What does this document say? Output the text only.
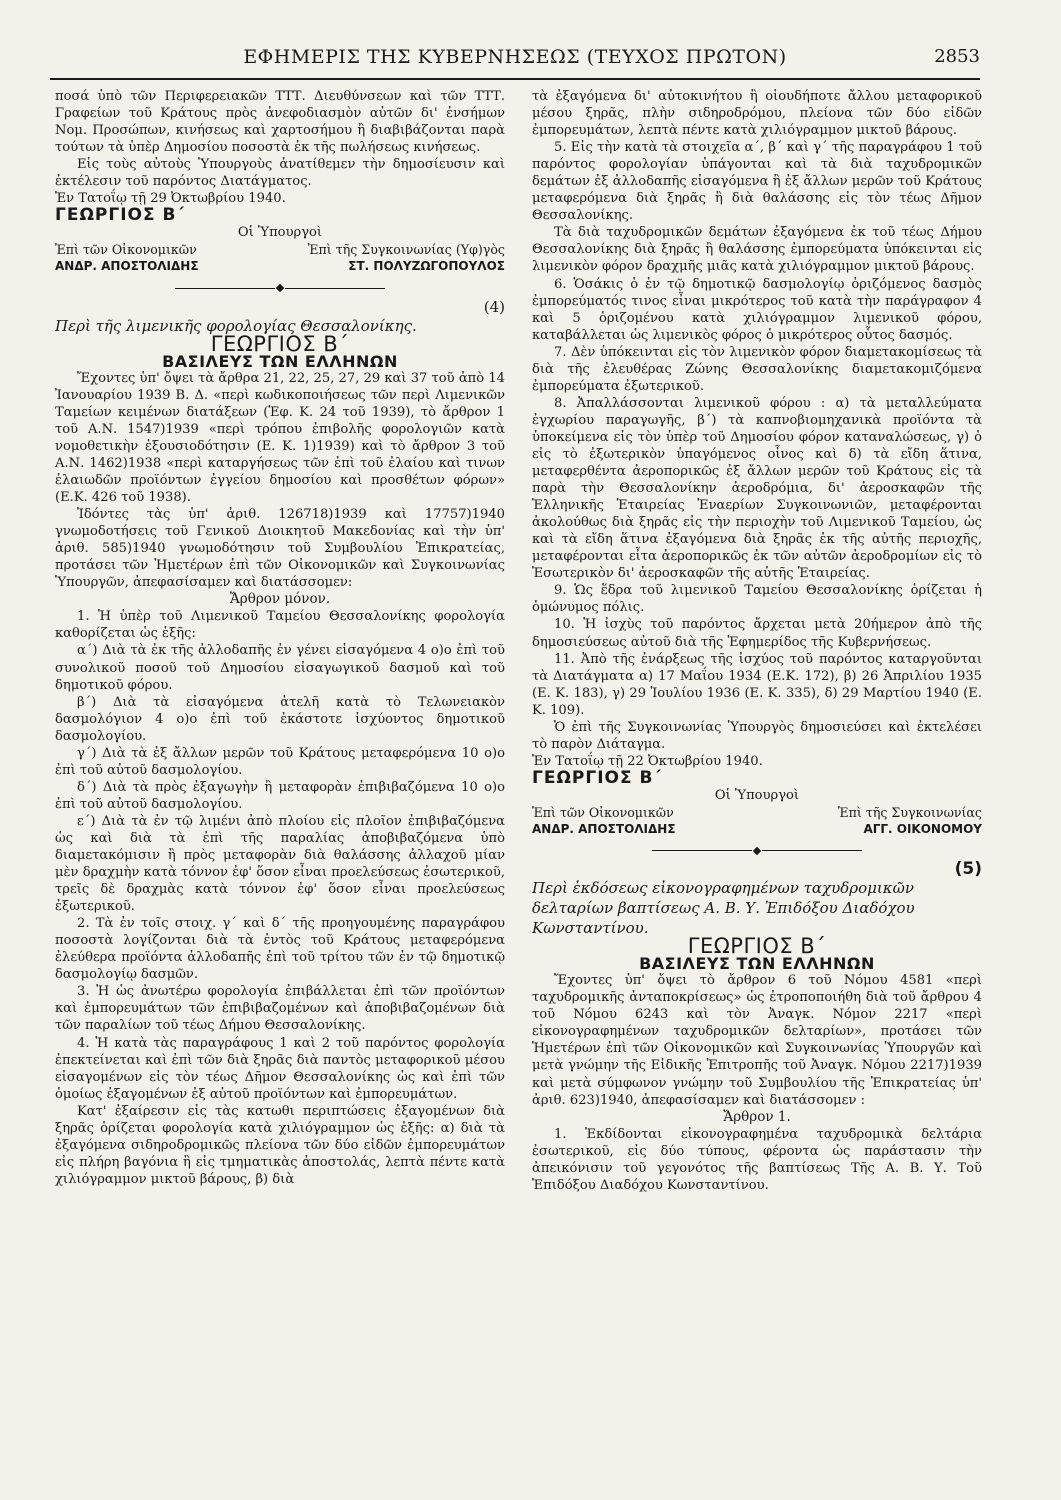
ΕΦΗΜΕΡΙΣ ΤΗΣ ΚΥΒΕΡΝΗΣΕΩΣ (ΤΕΥΧΟΣ ΠΡΩΤΟΝ)	2853

ποσά ὑπὸ τῶν Περιφερειακῶν ΤΤΤ. Διευθύνσεων καὶ τῶν ΤΤΤ. Γραφείων τοῦ Κράτους πρὸς ἀνεφοδιασμὸν αὐτῶν δι' ἐνσήμων Νομ. Προσώπων, κινήσεως καὶ χαρτοσήμου ἢ διαβιβάζονται παρὰ τούτων τὰ ὑπὲρ Δημοσίου ποσοστὰ ἐκ τῆς πωλήσεως κινήσεως.

Εἰς τοὺς αὐτοὺς Ὑπουργοὺς ἀνατίθεμεν τὴν δημοσίευσιν καὶ ἐκτέλεσιν τοῦ παρόντος Διατάγματος.

Ἐν Τατοΐῳ τῇ 29 Ὀκτωβρίου 1940.

ΓΕΩΡΓΙΟΣ Β΄

Οἱ Ὑπουργοὶ

Ἐπὶ τῶν Οἰκονομικῶν	Ἐπὶ τῆς Συγκοινωνίας (Υφ)γὸς
ΑΝΔΡ. ΑΠΟΣΤΟΛΙΔΗΣ	ΣΤ. ΠΟΛΥΖΩΓΟΠΟΥΛΟΣ

(4)

Περὶ τῆς λιμενικῆς φορολογίας Θεσσαλονίκης.

ΓΕΩΡΓΙΟΣ Β΄

ΒΑΣΙΛΕΥΣ ΤΩΝ ΕΛΛΗΝΩΝ

Ἔχοντες ὑπ' ὄψει τὰ ἄρθρα 21, 22, 25, 27, 29 καὶ 37 τοῦ ἀπὸ 14 Ἰανουαρίου 1939 Β. Δ. «περὶ κωδικοποιήσεως τῶν περὶ Λιμενικῶν Ταμείων κειμένων διατάξεων (Ἐφ. Κ. 24 τοῦ 1939), τὸ ἄρθρον 1 τοῦ Α.Ν. 1547)1939 «περὶ τρόπου ἐπιβολῆς φορολογιῶν κατὰ νομοθετικὴν ἐξουσιοδότησιν (Ε. Κ. 1)1939) καὶ τὸ ἄρθρον 3 τοῦ Α.Ν. 1462)1938 «περὶ καταργήσεως τῶν ἐπὶ τοῦ ἐλαίου καὶ τινων ἐλαιωδῶν προϊόντων ἐγγείου δημοσίου καὶ προσθέτων φόρων» (Ε.Κ. 426 τοῦ 1938).

Ἰδόντες τὰς ὑπ' ἀριθ. 126718)1939 καὶ 17757)1940 γνωμοδοτήσεις τοῦ Γενικοῦ Διοικητοῦ Μακεδονίας καὶ τὴν ὑπ' ἀριθ. 585)1940 γνωμοδότησιν τοῦ Συμβουλίου Ἐπικρατείας, προτάσει τῶν Ἡμετέρων ἐπὶ τῶν Οἰκονομικῶν καὶ Συγκοινωνίας Ὑπουργῶν, ἀπεφασίσαμεν καὶ διατάσσομεν:

Ἄρθρον μόνον.

1. Ἡ ὑπὲρ τοῦ Λιμενικοῦ Ταμείου Θεσσαλονίκης φορολογία καθορίζεται ὡς ἑξῆς:

α΄) Διὰ τὰ ἐκ τῆς ἀλλοδαπῆς ἐν γένει εἰσαγόμενα 4 ο)ο ἐπὶ τοῦ συνολικοῦ ποσοῦ τοῦ Δημοσίου εἰσαγωγικοῦ δασμοῦ καὶ τοῦ δημοτικοῦ φόρου.

β΄) Διὰ τὰ εἰσαγόμενα ἀτελῆ κατὰ τὸ Τελωνειακὸν δασμολόγιον 4 ο)ο ἐπὶ τοῦ ἑκάστοτε ἰσχύοντος δημοτικοῦ δασμολογίου.

γ΄) Διὰ τὰ ἐξ ἄλλων μερῶν τοῦ Κράτους μεταφερόμενα 10 ο)ο ἐπὶ τοῦ αὐτοῦ δασμολογίου.

δ΄) Διὰ τὰ πρὸς ἐξαγωγὴν ἢ μεταφορὰν ἐπιβιβαζόμενα 10 ο)ο ἐπὶ τοῦ αὐτοῦ δασμολογίου.

ε΄) Διὰ τὰ ἐν τῷ λιμένι ἀπὸ πλοίου εἰς πλοῖον ἐπιβιβαζόμενα ὡς καὶ διὰ τὰ ἐπὶ τῆς παραλίας ἀποβιβαζόμενα ὑπὸ διαμετακόμισιν ἢ πρὸς μεταφορὰν διὰ θαλάσσης ἀλλαχοῦ μίαν μὲν δραχμὴν κατὰ τόννον ἐφ' ὅσον εἶναι προελεύσεως ἐσωτερικοῦ, τρεῖς δὲ δραχμὰς κατὰ τόννον ἐφ' ὅσον εἶναι προελεύσεως ἐξωτερικοῦ.

2. Τὰ ἐν τοῖς στοιχ. γ΄ καὶ δ΄ τῆς προηγουμένης παραγράφου ποσοστὰ λογίζονται διὰ τὰ ἐντὸς τοῦ Κράτους μεταφερόμενα ἐλεύθερα προϊόντα ἀλλοδαπῆς ἐπὶ τοῦ τρίτου τῶν ἐν τῷ δημοτικῷ δασμολογίῳ δασμῶν.

3. Ἡ ὡς ἀνωτέρω φορολογία ἐπιβάλλεται ἐπὶ τῶν προϊόντων καὶ ἐμπορευμάτων τῶν ἐπιβιβαζομένων καὶ ἀποβιβαζομένων διὰ τῶν παραλίων τοῦ τέως Δήμου Θεσσαλονίκης.

4. Ἡ κατὰ τὰς παραγράφους 1 καὶ 2 τοῦ παρόντος φορολογία ἐπεκτείνεται καὶ ἐπὶ τῶν διὰ ξηρᾶς διὰ παντὸς μεταφορικοῦ μέσου εἰσαγομένων εἰς τὸν τέως Δῆμον Θεσσαλονίκης ὡς καὶ ἐπὶ τῶν ὁμοίως ἐξαγομένων ἐξ αὐτοῦ προϊόντων καὶ ἐμπορευμάτων.

Κατ' ἐξαίρεσιν εἰς τὰς κατωθι περιπτώσεις ἐξαγομένων διὰ ξηρᾶς ὁρίζεται φορολογία κατὰ χιλιόγραμμον ὡς ἑξῆς: α) διὰ τὰ ἐξαγόμενα σιδηροδρομικῶς πλείονα τῶν δύο εἰδῶν ἐμπορευμάτων εἰς πλήρη βαγόνια ἢ εἰς τμηματικὰς ἀποστολάς, λεπτὰ πέντε κατὰ χιλιόγραμμον μικτοῦ βάρους, β) διὰ

τὰ ἐξαγόμενα δι' αὐτοκινήτου ἢ οἱουδήποτε ἄλλου μεταφορικοῦ μέσου ξηρᾶς, πλὴν σιδηροδρόμου, πλείονα τῶν δύο εἰδῶν ἐμπορευμάτων, λεπτὰ πέντε κατὰ χιλιόγραμμον μικτοῦ βάρους.

5. Εἰς τὴν κατὰ τὰ στοιχεῖα α΄, β΄ καὶ γ΄ τῆς παραγράφου 1 τοῦ παρόντος φορολογίαν ὑπάγονται καὶ τὰ διὰ ταχυδρομικῶν δεμάτων ἐξ ἀλλοδαπῆς εἰσαγόμενα ἢ ἐξ ἄλλων μερῶν τοῦ Κράτους μεταφερόμενα διὰ ξηρᾶς ἢ διὰ θαλάσσης εἰς τὸν τέως Δῆμον Θεσσαλονίκης.

Τὰ διὰ ταχυδρομικῶν δεμάτων ἐξαγόμενα ἐκ τοῦ τέως Δήμου Θεσσαλονίκης διὰ ξηρᾶς ἢ θαλάσσης ἐμπορεύματα ὑπόκεινται εἰς λιμενικὸν φόρον δραχμῆς μιᾶς κατὰ χιλιόγραμμον μικτοῦ βάρους.

6. Ὁσάκις ὁ ἐν τῷ δημοτικῷ δασμολογίῳ ὁριζόμενος δασμὸς ἐμπορεύματός τινος εἶναι μικρότερος τοῦ κατὰ τὴν παράγραφον 4 καὶ 5 ὁριζομένου κατὰ χιλιόγραμμον λιμενικοῦ φόρου, καταβάλλεται ὡς λιμενικὸς φόρος ὁ μικρότερος οὗτος δασμός.

7. Δὲν ὑπόκεινται εἰς τὸν λιμενικὸν φόρον διαμετακομίσεως τὰ διὰ τῆς ἐλευθέρας Ζώνης Θεσσαλονίκης διαμετακομιζόμενα ἐμπορεύματα ἐξωτερικοῦ.

8. Ἀπαλλάσσονται λιμενικοῦ φόρου : α) τὰ μεταλλεύματα ἐγχωρίου παραγωγῆς, β΄) τὰ καπνοβιομηχανικὰ προϊόντα τὰ ὑποκείμενα εἰς τὸν ὑπὲρ τοῦ Δημοσίου φόρον καταναλώσεως, γ) ὁ εἰς τὸ ἐξωτερικὸν ὑπαγόμενος οἶνος καὶ δ) τὰ εἴδη ἅτινα, μεταφερθέντα ἀεροπορικῶς ἐξ ἄλλων μερῶν τοῦ Κράτους εἰς τὰ παρὰ τὴν Θεσσαλονίκην ἀεροδρόμια, δι' ἀεροσκαφῶν τῆς Ἑλληνικῆς Ἑταιρείας Ἐναερίων Συγκοινωνιῶν, μεταφέρονται ἀκολούθως διὰ ξηρᾶς εἰς τὴν περιοχὴν τοῦ Λιμενικοῦ Ταμείου, ὡς καὶ τὰ εἴδη ἅτινα ἐξαγόμενα διὰ ξηρᾶς ἐκ τῆς αὐτῆς περιοχῆς, μεταφέρονται εἶτα ἀεροπορικῶς ἐκ τῶν αὐτῶν ἀεροδρομίων εἰς τὸ Ἐσωτερικὸν δι' ἀεροσκαφῶν τῆς αὐτῆς Ἑταιρείας.

9. Ὡς ἕδρα τοῦ λιμενικοῦ Ταμείου Θεσσαλονίκης ὁρίζεται ἡ ὁμώνυμος πόλις.

10. Ἡ ἰσχὺς τοῦ παρόντος ἄρχεται μετὰ 20ήμερον ἀπὸ τῆς δημοσιεύσεως αὐτοῦ διὰ τῆς Ἐφημερίδος τῆς Κυβερνήσεως.

11. Ἀπὸ τῆς ἐνάρξεως τῆς ἰσχύος τοῦ παρόντος καταργοῦνται τὰ Διατάγματα α) 17 Μαΐου 1934 (Ε.Κ. 172), β) 26 Ἀπριλίου 1935 (Ε. Κ. 183), γ) 29 Ἰουλίου 1936 (Ε. Κ. 335), δ) 29 Μαρτίου 1940 (Ε. Κ. 109).

Ὁ ἐπὶ τῆς Συγκοινωνίας Ὑπουργὸς δημοσιεύσει καὶ ἐκτελέσει τὸ παρὸν Διάταγμα.

Ἐν Τατοΐῳ τῇ 22 Ὀκτωβρίου 1940.

ΓΕΩΡΓΙΟΣ Β΄

Οἱ Ὑπουργοὶ

Ἐπὶ τῶν Οἰκονομικῶν	Ἐπὶ τῆς Συγκοινωνίας
ΑΝΔΡ. ΑΠΟΣΤΟΛΙΔΗΣ	ΑΓΓ. ΟΙΚΟΝΟΜΟΥ

(5)

Περὶ ἐκδόσεως εἰκονογραφημένων ταχυδρομικῶν δελταρίων βαπτίσεως Α. Β. Υ. Ἐπιδόξου Διαδόχου Κωνσταντίνου.

ΓΕΩΡΓΙΟΣ Β΄

ΒΑΣΙΛΕΥΣ ΤΩΝ ΕΛΛΗΝΩΝ

Ἔχοντες ὑπ' ὄψει τὸ ἄρθρον 6 τοῦ Νόμου 4581 «περὶ ταχυδρομικῆς ἀνταποκρίσεως» ὡς ἐτροποποιήθη διὰ τοῦ ἄρθρου 4 τοῦ Νόμου 6243 καὶ τὸν Ἀναγκ. Νόμον 2217 «περὶ εἰκονογραφημένων ταχυδρομικῶν δελταρίων», προτάσει τῶν Ἡμετέρων ἐπὶ τῶν Οἰκονομικῶν καὶ Συγκοινωνίας Ὑπουργῶν καὶ μετὰ γνώμην τῆς Εἰδικῆς Ἐπιτροπῆς τοῦ Ἀναγκ. Νόμου 2217)1939 καὶ μετὰ σύμφωνον γνώμην τοῦ Συμβουλίου τῆς Ἐπικρατείας ὑπ' ἀριθ. 623)1940, ἀπεφασίσαμεν καὶ διατάσσομεν :

Ἄρθρον 1.

1. Ἐκδίδονται εἰκονογραφημένα ταχυδρομικὰ δελτάρια ἐσωτερικοῦ, εἰς δύο τύπους, φέροντα ὡς παράστασιν τὴν ἀπεικόνισιν τοῦ γεγονότος τῆς βαπτίσεως Τῆς Α. Β. Υ. Τοῦ Ἐπιδόξου Διαδόχου Κωνσταντίνου.
